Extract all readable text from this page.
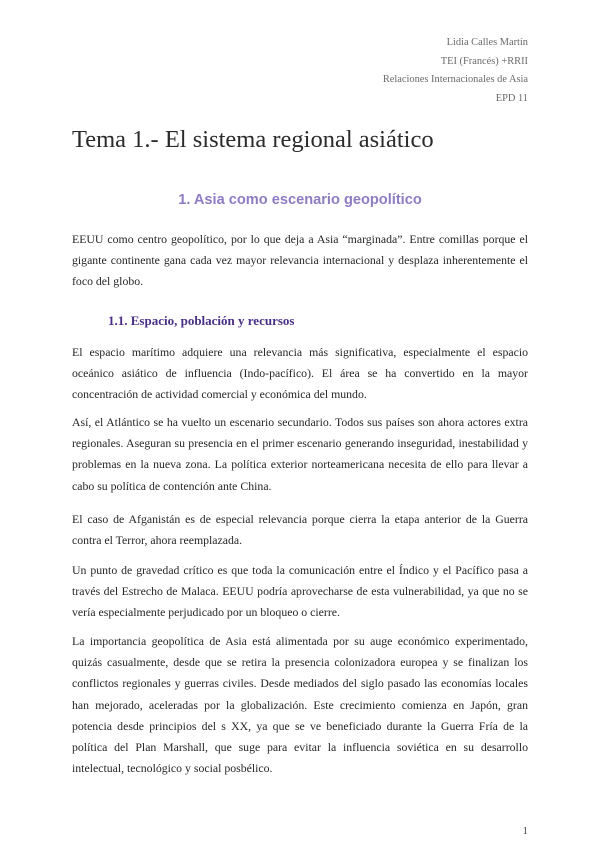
Lidia Calles Martín
TEI (Francés) +RRII
Relaciones Internacionales de Asia
EPD 11
Tema 1.- El sistema regional asiático
1. Asia como escenario geopolítico

EEUU como centro geopolítico, por lo que deja a Asia “marginada”. Entre comillas porque el gigante continente gana cada vez mayor relevancia internacional y desplaza inherentemente el foco del globo.

1.1. Espacio, población y recursos

El espacio marítimo adquiere una relevancia más significativa, especialmente el espacio oceánico asiático de influencia (Indo-pacífico). El área se ha convertido en la mayor concentración de actividad comercial y económica del mundo.

Así, el Atlántico se ha vuelto un escenario secundario. Todos sus países son ahora actores extra regionales. Aseguran su presencia en el primer escenario generando inseguridad, inestabilidad y problemas en la nueva zona. La política exterior norteamericana necesita de ello para llevar a cabo su política de contención ante China.

El caso de Afganistán es de especial relevancia porque cierra la etapa anterior de la Guerra contra el Terror, ahora reemplazada.

Un punto de gravedad crítico es que toda la comunicación entre el Índico y el Pacífico pasa a través del Estrecho de Malaca. EEUU podría aprovecharse de esta vulnerabilidad, ya que no se vería especialmente perjudicado por un bloqueo o cierre.

La importancia geopolítica de Asia está alimentada por su auge económico experimentado, quizás casualmente, desde que se retira la presencia colonizadora europea y se finalizan los conflictos regionales y guerras civiles. Desde mediados del siglo pasado las economías locales han mejorado, aceleradas por la globalización. Este crecimiento comienza en Japón, gran potencia desde principios del s XX, ya que se ve beneficiado durante la Guerra Fría de la política del Plan Marshall, que suge para evitar la influencia soviética en su desarrollo intelectual, tecnológico y social posbélico.

1
